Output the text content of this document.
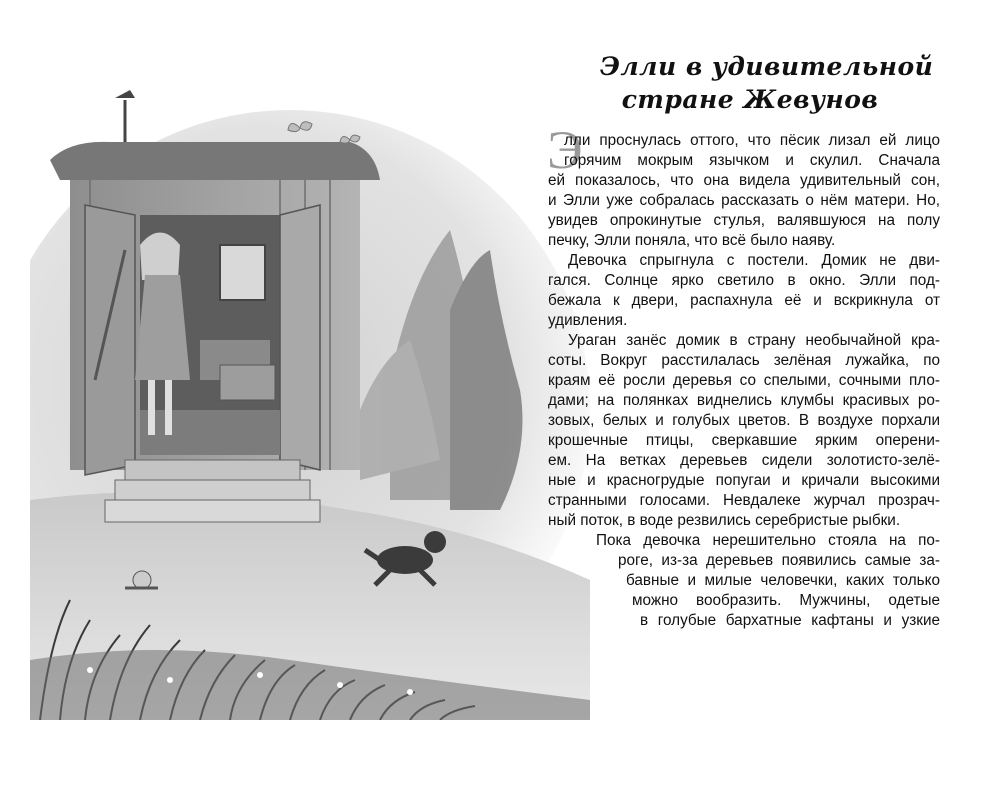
Элли в удивительной
стране Жевунов
Э
лли проснулась оттого, что пёсик лизал ей лицо
горячим мокрым язычком и скулил. Сначала
ей показалось, что она видела удивительный сон,
и Элли уже собралась рассказать о нём матери. Но,
увидев опрокинутые стулья, валявшуюся на полу
печку, Элли поняла, что всё было наяву.
Девочка спрыгнула с постели. Домик не дви-
гался. Солнце ярко светило в окно. Элли под-
бежала к двери, распахнула её и вскрикнула от
удивления.
Ураган занёс домик в страну необычайной кра-
соты. Вокруг расстилалась зелёная лужайка, по
краям её росли деревья со спелыми, сочными пло-
дами; на полянках виднелись клумбы красивых ро-
зовых, белых и голубых цветов. В воздухе порхали
крошечные птицы, сверкавшие ярким оперени-
ем. На ветках деревьев сидели золотисто-зелё-
ные и красногрудые попугаи и кричали высокими
странными голосами. Невдалеке журчал прозрач-
ный поток, в воде резвились серебристые рыбки.
Пока девочка нерешительно стояла на по-
роге, из-за деревьев появились самые за-
бавные и милые человечки, каких только
можно вообразить. Мужчины, одетые
в голубые бархатные кафтаны и узкие
